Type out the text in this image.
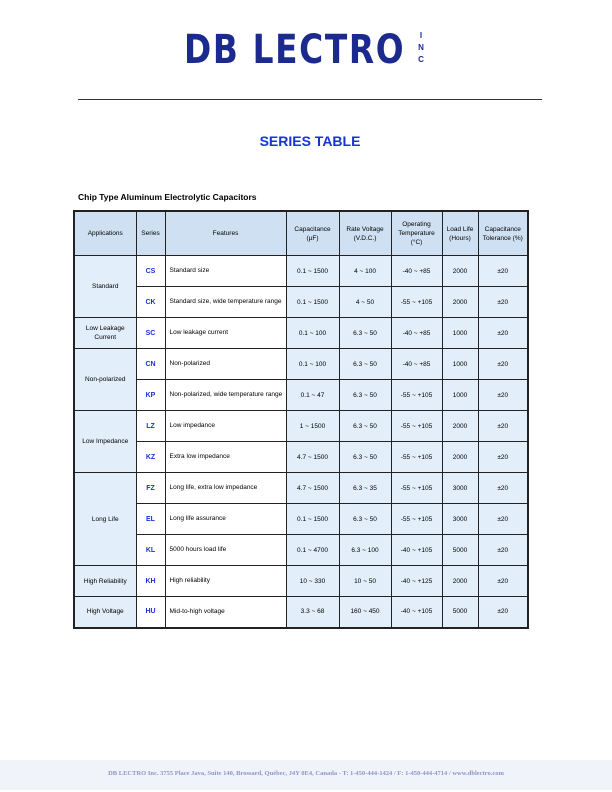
DB LECTRO I
N
C
SERIES TABLE
Chip Type Aluminum Electrolytic Capacitors
Applications	Series	Features	Capacitance (µF)	Rate Voltage (V.D.C.)	Operating Temperature (°C)	Load Life (Hours)	Capacitance Tolerance (%)
Standard	CS	Standard size	0.1 ~ 1500	4 ~ 100	-40 ~ +85	2000	±20
	CK	Standard size, wide temperature range	0.1 ~ 1500	4 ~ 50	-55 ~ +105	2000	±20
Low Leakage Current	SC	Low leakage current	0.1 ~ 100	6.3 ~ 50	-40 ~ +85	1000	±20
Non-polarized	CN	Non-polarized	0.1 ~ 100	6.3 ~ 50	-40 ~ +85	1000	±20
	KP	Non-polarized, wide temperature range	0.1 ~ 47	6.3 ~ 50	-55 ~ +105	1000	±20
Low Impedance	LZ	Low impedance	1 ~ 1500	6.3 ~ 50	-55 ~ +105	2000	±20
	KZ	Extra low impedance	4.7 ~ 1500	6.3 ~ 50	-55 ~ +105	2000	±20
Long Life	FZ	Long life, extra low impedance	4.7 ~ 1500	6.3 ~ 35	-55 ~ +105	3000	±20
	EL	Long life assurance	0.1 ~ 1500	6.3 ~ 50	-55 ~ +105	3000	±20
	KL	5000 hours load life	0.1 ~ 4700	6.3 ~ 100	-40 ~ +105	5000	±20
High Reliability	KH	High reliability	10 ~ 330	10 ~ 50	-40 ~ +125	2000	±20
High Voltage	HU	Mid-to-high voltage	3.3 ~ 68	160 ~ 450	-40 ~ +105	5000	±20
DB LECTRO Inc. 3755 Place Java, Suite 140, Brossard, Québec, J4Y 0E4, Canada - T: 1-450-444-1424 / F: 1-450-444-4714 / www.dblectro.com
